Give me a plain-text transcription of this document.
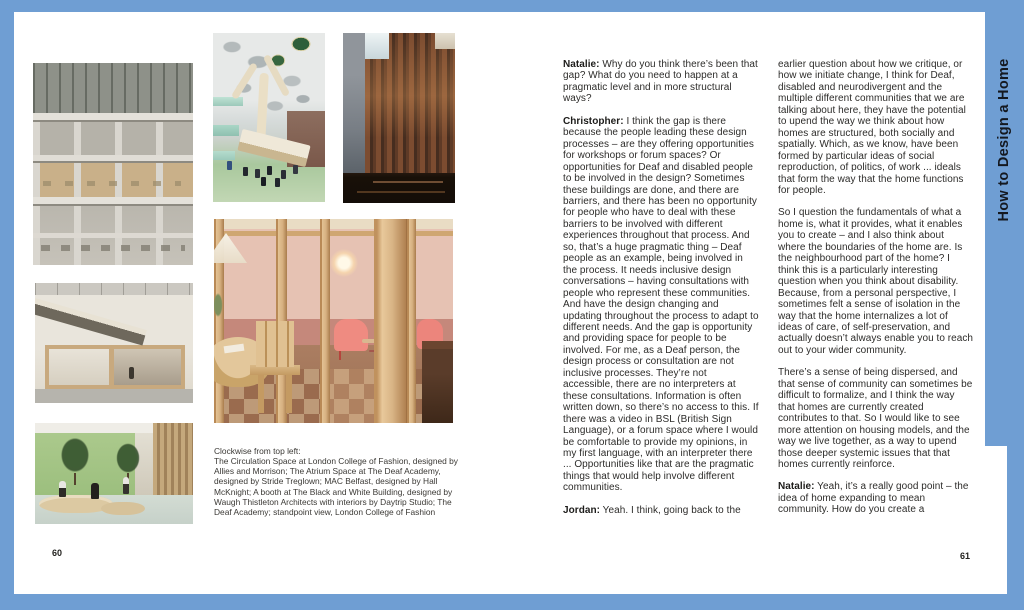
How to Design a Home
Clockwise from top left:
The Circulation Space at London College of Fashion, designed by Allies and Morrison; The Atrium Space at The Deaf Academy, designed by Stride Treglown; MAC Belfast, designed by Hall McKnight; A booth at The Black and White Building, designed by Waugh Thistleton Architects with interiors by Daytrip Studio; The Deaf Academy; standpoint view, London College of Fashion

Natalie: Why do you think there’s been that gap? What do you need to happen at a pragmatic level and in more structural ways?

Christopher: I think the gap is there because the people leading these design processes – are they offering opportunities for workshops or forum spaces? Or opportunities for Deaf and disabled people to be involved in the design? Sometimes these buildings are done, and there are barriers, and there has been no opportunity for people who have to deal with these barriers to be involved with different experiences throughout that process. And so, that’s a huge pragmatic thing – Deaf people as an example, being involved in the process. It needs inclusive design conversations – having consultations with people who represent these communities. And have the design changing and updating throughout the process to adapt to different needs. And the gap is opportunity and providing space for people to be involved. For me, as a Deaf person, the design process or consultation are not inclusive processes. They’re not accessible, there are no interpreters at these consultations. Information is often written down, so there’s no access to this. If there was a video in BSL (British Sign Language), or a forum space where I would be comfortable to provide my opinions, in my first language, with an interpreter there ... Opportunities like that are the pragmatic things that would help involve different communities.

Jordan: Yeah. I think, going back to the

earlier question about how we critique, or how we initiate change, I think for Deaf, disabled and neurodivergent and the multiple different communities that we are talking about here, they have the potential to upend the way we think about how homes are structured, both socially and spatially. Which, as we know, have been formed by particular ideas of social reproduction, of politics, of work ... ideals that form the way that the home functions for people.

So I question the fundamentals of what a home is, what it provides, what it enables you to create – and I also think about where the boundaries of the home are. Is the neighbourhood part of the home? I think this is a particularly interesting question when you think about disability. Because, from a personal perspective, I sometimes felt a sense of isolation in the way that the home internalizes a lot of ideas of care, of self-preservation, and actually doesn’t always enable you to reach out to your wider community.

There’s a sense of being dispersed, and that sense of community can sometimes be difficult to formalize, and I think the way that homes are currently created contributes to that. So I would like to see more attention on housing models, and the way we live together, as a way to upend those deeper systemic issues that that homes currently reinforce.

Natalie: Yeah, it’s a really good point – the idea of home expanding to mean community. How do you create a

60	61
